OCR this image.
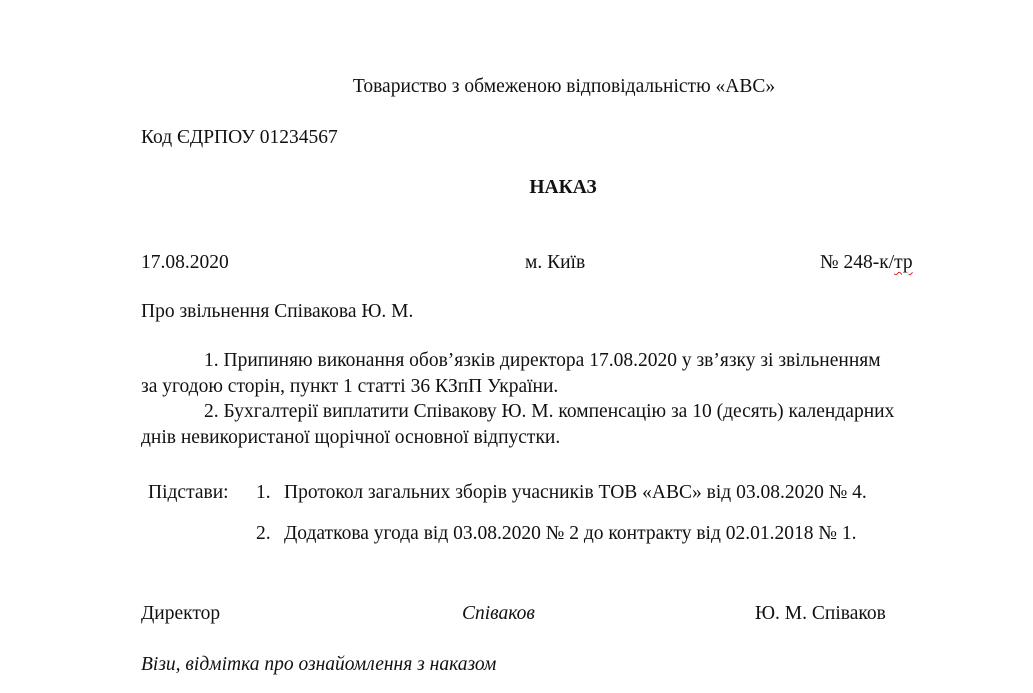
Товариство з обмеженою відповідальністю «АВС»
Код ЄДРПОУ 01234567
НАКАЗ
17.08.2020	м. Київ	№ 248-к/тр
Про звільнення Співакова Ю. М.
1. Припиняю виконання обов’язків директора 17.08.2020 у зв’язку зі звільненням
за угодою сторін, пункт 1 статті 36 КЗпП України.
2. Бухгалтерії виплатити Співакову Ю. М. компенсацію за 10 (десять) календарних
днів невикористаної щорічної основної відпустки.
Підстави: 1. Протокол загальних зборів учасників ТОВ «АВС» від 03.08.2020 № 4.
2. Додаткова угода від 03.08.2020 № 2 до контракту від 02.01.2018 № 1.
Директор	Співаков	Ю. М. Співаков
Візи, відмітка про ознайомлення з наказом
